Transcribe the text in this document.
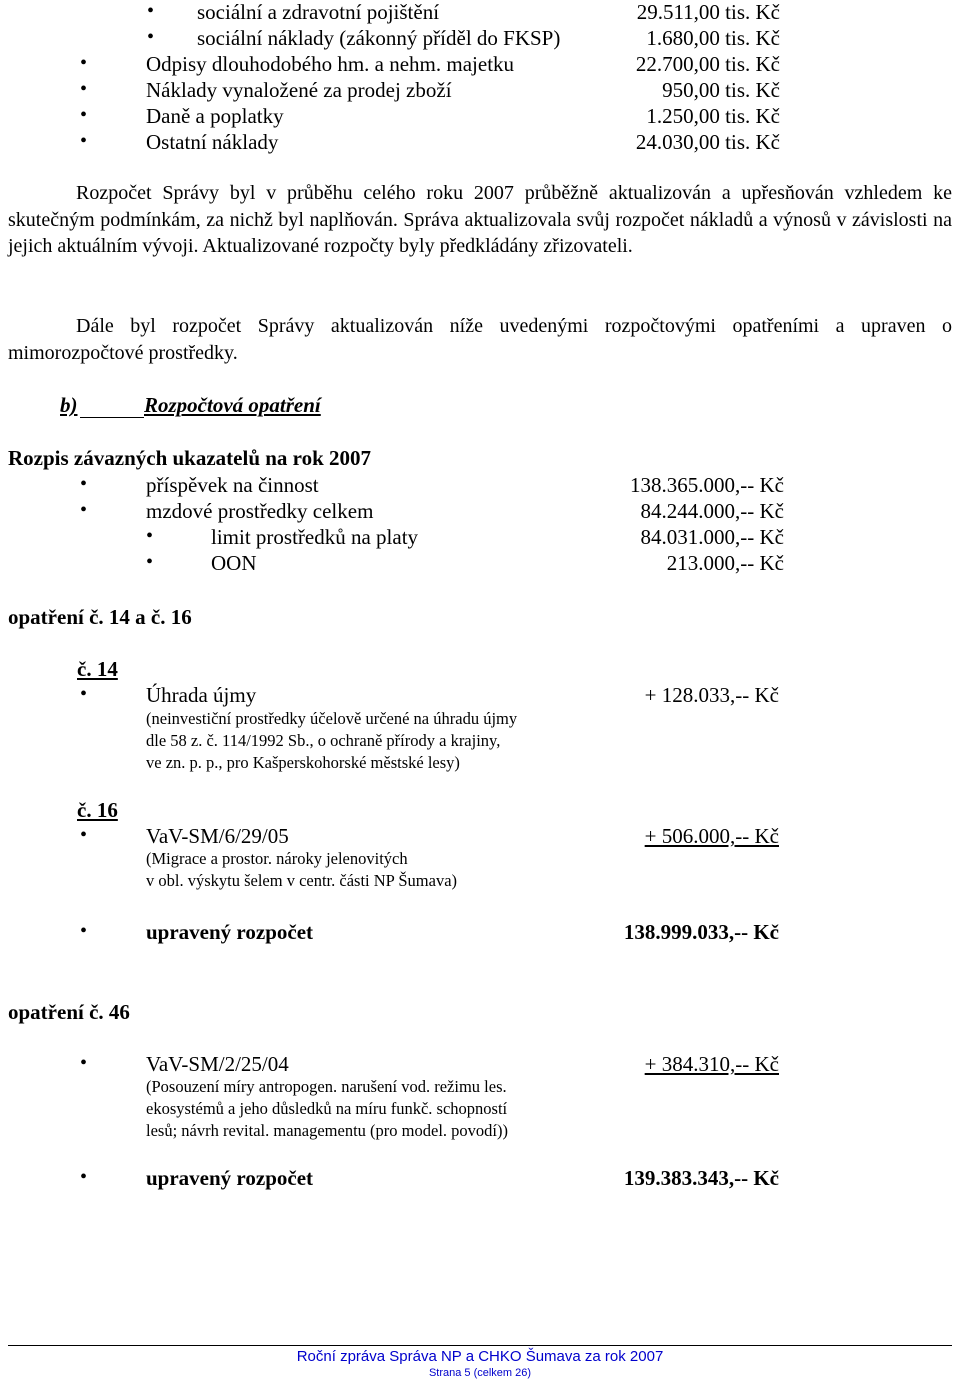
•
sociální a zdravotní pojištění	29.511,00 tis. Kč
•
sociální náklady (zákonný příděl do FKSP)	1.680,00 tis. Kč
•
Odpisy dlouhodobého hm. a nehm. majetku	22.700,00 tis. Kč
•
Náklady vynaložené za prodej zboží	950,00 tis. Kč
•
Daně a poplatky	1.250,00 tis. Kč
•
Ostatní náklady	24.030,00 tis. Kč
Rozpočet Správy byl v průběhu celého roku 2007 průběžně aktualizován a upřesňován vzhledem ke skutečným podmínkám, za nichž byl naplňován. Správa aktualizovala svůj rozpočet nákladů a výnosů v závislosti na jejich aktuálním vývoji. Aktualizované rozpočty byly předkládány zřizovateli.
Dále byl rozpočet Správy aktualizován níže uvedenými rozpočtovými opatřeními a upraven o mimorozpočtové prostředky.
b)	Rozpočtová opatření
Rozpis závazných ukazatelů na rok 2007
•
příspěvek na činnost	138.365.000,-- Kč
•
mzdové prostředky celkem	84.244.000,-- Kč
•
limit prostředků na platy	84.031.000,-- Kč
•
OON	213.000,-- Kč
opatření č. 14 a č. 16
č. 14
•
Úhrada újmy	+ 128.033,-- Kč
(neinvestiční prostředky účelově určené na úhradu újmy
dle 58 z. č. 114/1992 Sb., o ochraně přírody a krajiny,
ve zn. p. p., pro Kašperskohorské městské lesy)
č. 16
•
VaV-SM/6/29/05	+ 506.000,-- Kč
(Migrace a prostor. nároky jelenovitých
v obl. výskytu šelem v centr. části NP Šumava)
•
upravený rozpočet	138.999.033,-- Kč
opatření č. 46
•
VaV-SM/2/25/04	+ 384.310,-- Kč
(Posouzení míry antropogen. narušení vod. režimu les.
ekosystémů a jeho důsledků na míru funkč. schopností
lesů; návrh revital. managementu (pro model. povodí))
•
upravený rozpočet	139.383.343,-- Kč
Roční zpráva Správa NP a CHKO Šumava za rok 2007
Strana 5 (celkem 26)
